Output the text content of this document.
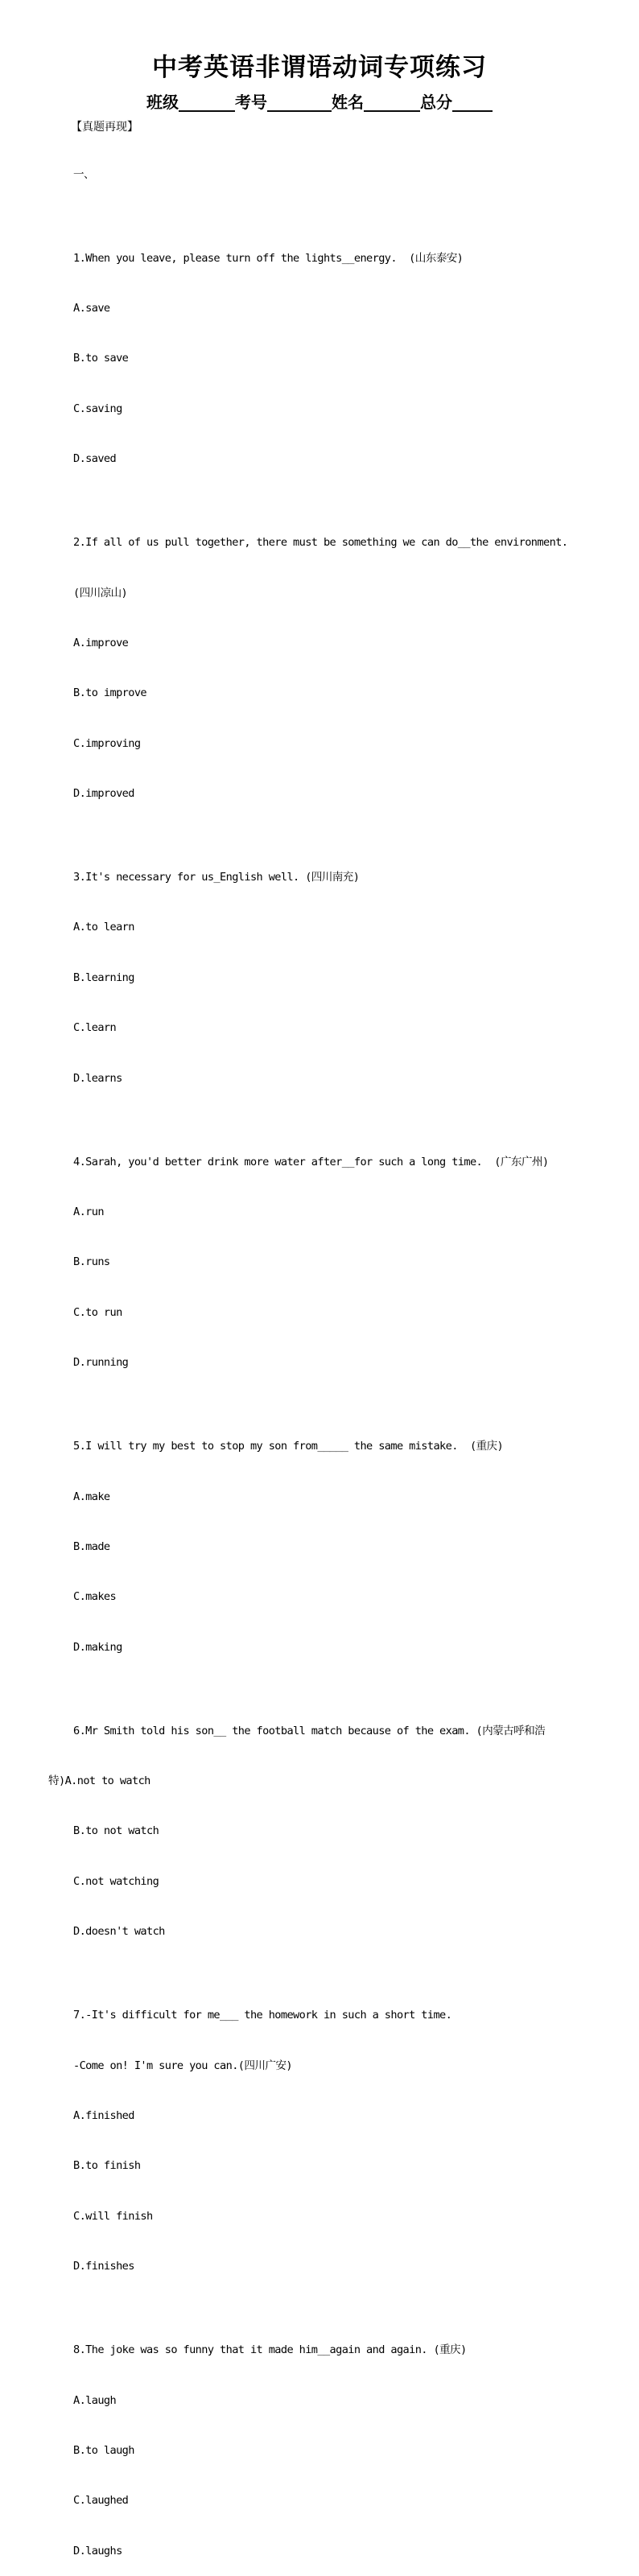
中考英语非谓语动词专项练习
班级_______考号________姓名_______总分_____
【真题再现】

一、

1.When you leave, please turn off the lights__energy.  (山东泰安)

A.save

B.to save

C.saving

D.saved

2.If all of us pull together, there must be something we can do__the environment.

(四川凉山)

A.improve

B.to improve

C.improving

D.improved

3.It's necessary for us_English well. (四川南充)

A.to learn

B.learning

C.learn

D.learns

4.Sarah, you'd better drink more water after__for such a long time.  (广东广州)

A.run

B.runs

C.to run

D.running

5.I will try my best to stop my son from_____ the same mistake.  (重庆)

A.make

B.made

C.makes

D.making

6.Mr Smith told his son__ the football match because of the exam. (内蒙古呼和浩

特)A.not to watch

B.to not watch

C.not watching

D.doesn't watch

7.-It's difficult for me___ the homework in such a short time.

-Come on! I'm sure you can.(四川广安)

A.finished

B.to finish

C.will finish

D.finishes

8.The joke was so funny that it made him__again and again. (重庆)

A.laugh

B.to laugh

C.laughed

D.laughs
